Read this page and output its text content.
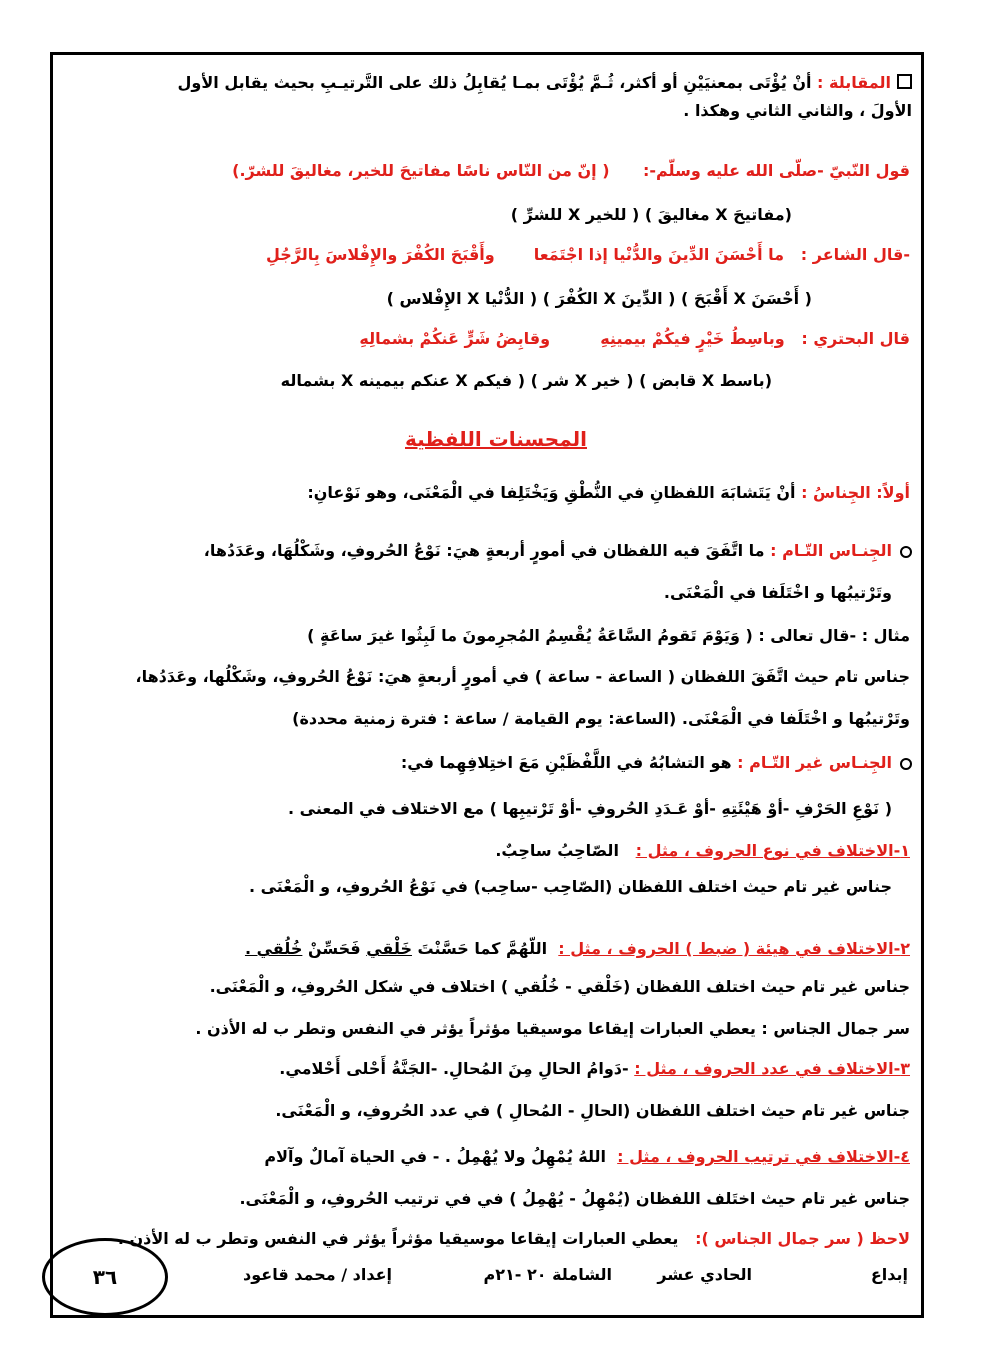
المقابلة : أنْ يُؤْتَى بمعنيَيْنِ أو أكثر، ثُـمَّ يُؤْتَى بمـا يُقابِلُ ذلك على التَّرتيـبِ بحيث يقابل الأول
الأولَ ، والثاني الثاني وهكذا .
قول النّبيّ -صلّى الله عليه وسلّم-:      ( إنّ من النّاس ناسًا مفاتيحَ للخير، مغاليقَ للشرّ.)
(مفاتيحَ X مغاليقَ ) ( للخير X للشرِّ )
-قال الشاعر :   ما أَحْسَنَ الدِّينَ والدُّنْيا إذا اجْتَمَعا       وأَقْبَحَ الكُفْرَ والإِفْلاسَ بِالرَّجُلِ
( أَحْسَنَ X أَقْبَحَ ) ( الدِّينَ X الكُفْرَ ) ( الدُّنْيا X الإِفْلاس )
قال البحتري :   وباسِطُ خَيْرٍ فيكُمْ بيمينِهِ         وقابِضُ شَرٍّ عَنكُمْ بشمالِهِ
(باسط X قابض ) ( خير X شر ) ( فيكم X عنكم بيمينه X بشماله
المحسنات اللفظية
أولاً: الجِناسُ : أنْ يَتَشابَهَ اللفظانِ في النُّطْقِ وَيَخْتَلِفا في الْمَعْنَى، وهو نَوْعانِ:
الجِنـاس التّـام : ما اتَّفَقَ فيه اللفظان في أمورٍ أربعةٍ هيَ: نَوْعُ الحُروفِ، وشَكْلُهَا، وعَدَدُها،
وتَرْتيبُها و اخْتَلَفا في الْمَعْنَى.
مثال : -قال تعالى : ( وَيَوْمَ تَقومُ السَّاعَةُ يُقْسِمُ المُجرِمونَ ما لَبِثُوا غيرَ ساعَةٍ )
جناس تام حيث اتَّفَقَ اللفظان ( الساعة - ساعة ) في أمورٍ أربعةٍ هيَ: نَوْعُ الحُروفِ، وشَكْلُها، وعَدَدُها،
وتَرْتيبُها و اخْتَلَفا في الْمَعْنَى. (الساعة: يوم القيامة / ساعة : فترة زمنية محددة)
الجِنـاس غير التّـام : هو التشابُهُ في اللَّفْظَيْنِ مَعَ اختِلافِهِما في:
( نَوْعِ الحَرْفِ -أوْ هَيْئَتِهِ -أوْ عَـدَدِ الحُروفِ -أوْ تَرْتيبِها ) مع الاختلاف في المعنى .
١-الاختلاف في نوع الحروف ، مثل :   الصّاحِبُ ساحِبٌ.
جناس غير تام حيث اختلف اللفظان (الصّاحِب -ساحِب) في نَوْعُ الحُروفِ، و الْمَعْنَى .
٢-الاختلاف في هيئة ( ضبط ) الحروف ، مثل :  اللّهُمَّ كما حَسَّنْتَ خَلْقي فَحَسِّنْ خُلُقي .
جناس غير تام حيث اختلف اللفظان (خَلْقي - خُلُقي ) اختلاف في شكل الحُروفِ، و الْمَعْنَى.
سر جمال الجناس : يعطي العبارات إيقاعا موسيقيا مؤثراً يؤثر في النفس وتطر ب له الأذن .
٣-الاختلاف في عدد الحروف ، مثل : -دَوامُ الحالِ مِنَ المُحالِ. -الجَنَّةُ أَحْلى أَحْلامي.
جناس غير تام حيث اختلف اللفظان (الحالِ - المُحالِ ) في عدد الحُروفِ، و الْمَعْنَى.
٤-الاختلاف في ترتيب الحروف ، مثل :  اللهُ يُمْهِلُ ولا يُهْمِلُ . - في الحياة آمالٌ وآلام
جناس غير تام حيث اختَلف اللفظان (يُمْهِلُ - يُهْمِلُ ) في في ترتيب الحُروفِ، و الْمَعْنَى.
لاحظ ( سر جمال الجناس ):   يعطي العبارات إيقاعا موسيقيا مؤثراً يؤثر في النفس وتطر ب له الأذن .
إبداع
الحادي عشر
الشاملة ٢٠ -٢١م
إعداد / محمد قاعود
٣٦
